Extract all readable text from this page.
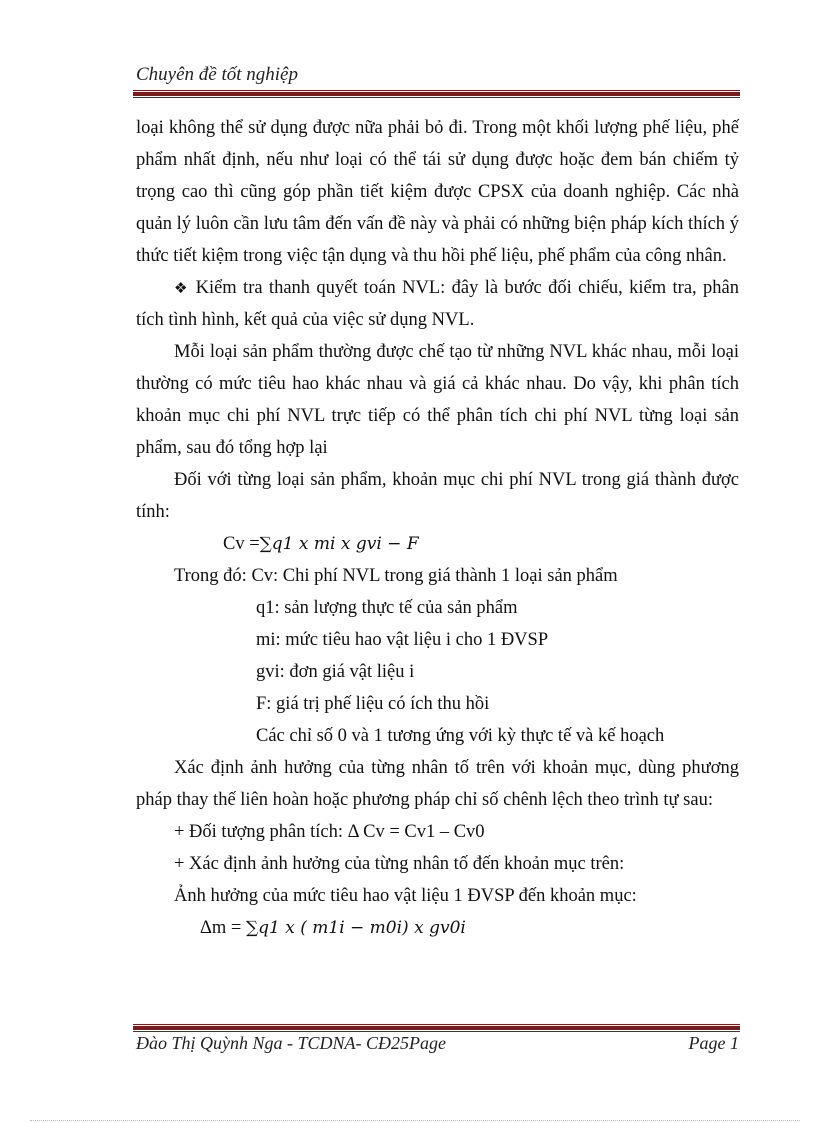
Chuyên đề tốt nghiệp

loại không thể sử dụng được nữa phải bỏ đi. Trong một khối lượng phế liệu, phế phẩm nhất định, nếu như loại có thể tái sử dụng được hoặc đem bán chiếm tỷ trọng cao thì cũng góp phần tiết kiệm được CPSX của doanh nghiệp. Các nhà quản lý luôn cần lưu tâm đến vấn đề này và phải có những biện pháp kích thích ý thức tiết kiệm trong việc tận dụng và thu hồi phế liệu, phế phẩm của công nhân.

❖ Kiểm tra thanh quyết toán NVL: đây là bước đối chiếu, kiểm tra, phân tích tình hình, kết quả của việc sử dụng NVL.

Mỗi loại sản phẩm thường được chế tạo từ những NVL khác nhau, mỗi loại thường có mức tiêu hao khác nhau và giá cả khác nhau. Do vậy, khi phân tích khoản mục chi phí NVL trực tiếp có thể phân tích chi phí NVL từng loại sản phẩm, sau đó tổng hợp lại

Đối với từng loại sản phẩm, khoản mục chi phí NVL trong giá thành được tính:

Cv =∑q1 x mi x gvi − F

Trong đó: Cv: Chi phí NVL trong giá thành 1 loại sản phẩm

q1: sản lượng thực tế của sản phẩm

mi: mức tiêu hao vật liệu i cho 1 ĐVSP

gvi: đơn giá vật liệu i

F: giá trị phế liệu có ích thu hồi

Các chỉ số 0 và 1 tương ứng với kỳ thực tế và kế hoạch

Xác định ảnh hưởng của từng nhân tố trên với khoản mục, dùng phương pháp thay thế liên hoàn hoặc phương pháp chỉ số chênh lệch theo trình tự sau:

+ Đối tượng phân tích: Δ Cv = Cv1 – Cv0

+ Xác định ảnh hưởng của từng nhân tố đến khoản mục trên:

Ảnh hưởng của mức tiêu hao vật liệu 1 ĐVSP đến khoản mục:

Δm = ∑q1 x ( m1i − m0i) x gv0i

Đào Thị Quỳnh Nga - TCDNA- CĐ25Page	Page 1
